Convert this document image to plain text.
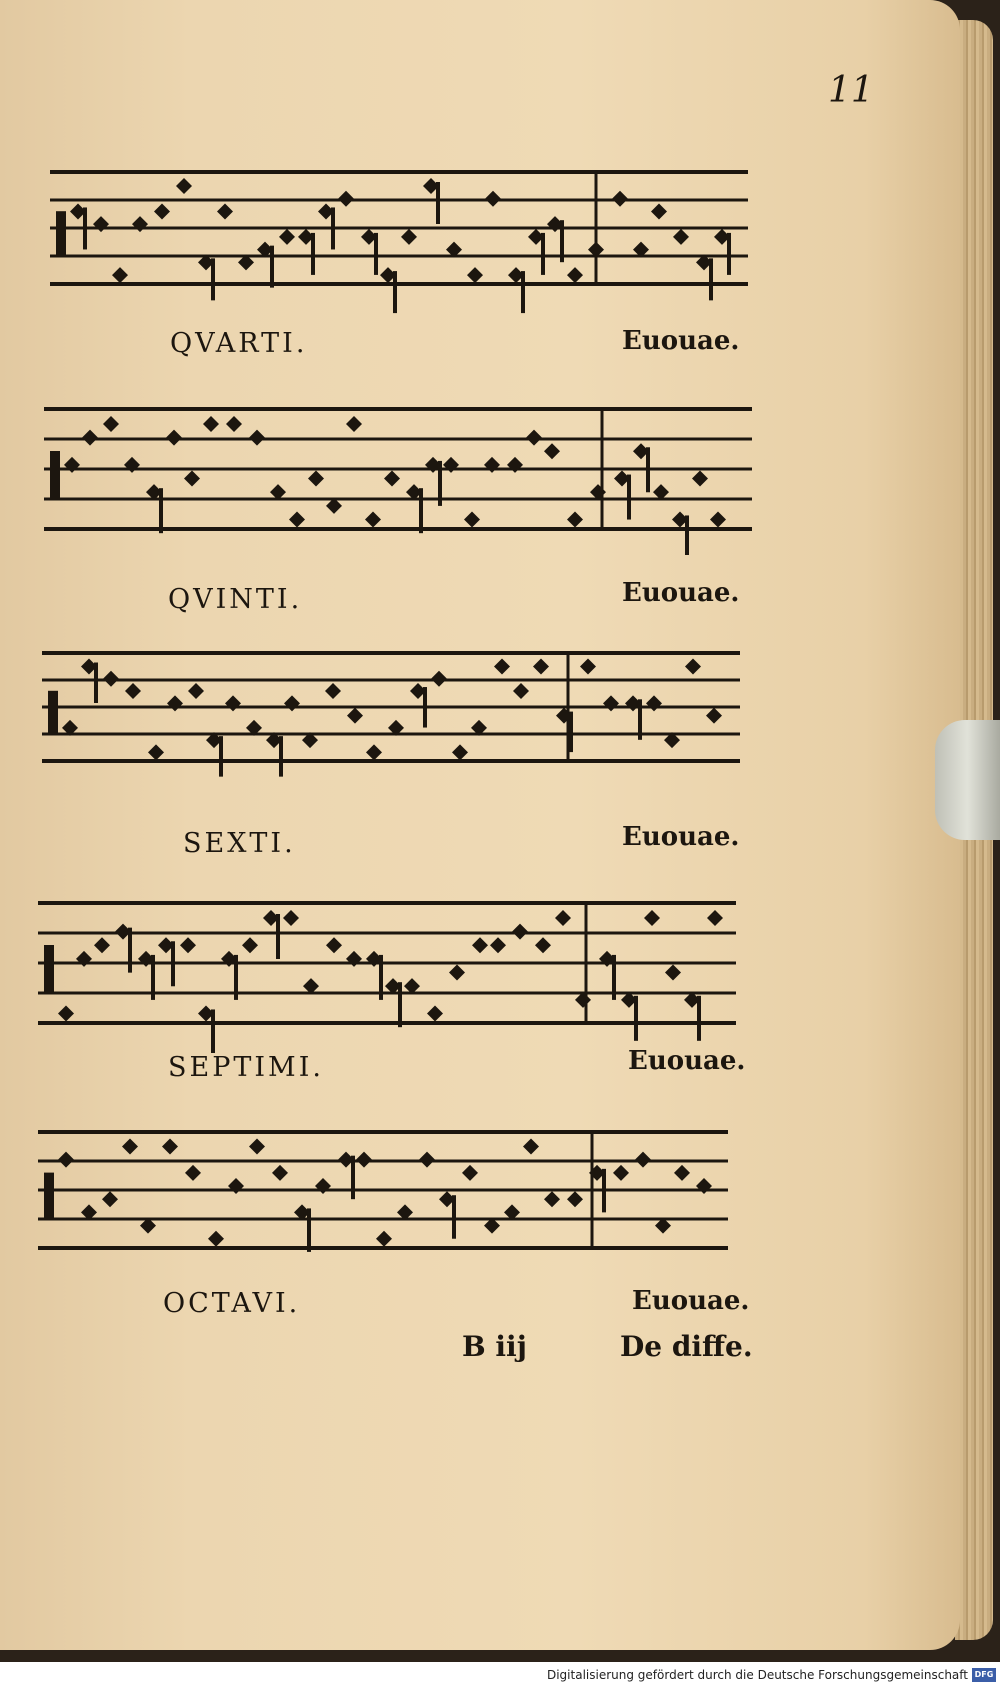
11
QVARTI.	Euouae.
QVINTI.	Euouae.
SEXTI.	Euouae.
SEPTIMI.	Euouae.
OCTAVI.	Euouae.
B iij	De diffe.
Digitalisierung gefördert durch die Deutsche Forschungsgemeinschaft DFG
